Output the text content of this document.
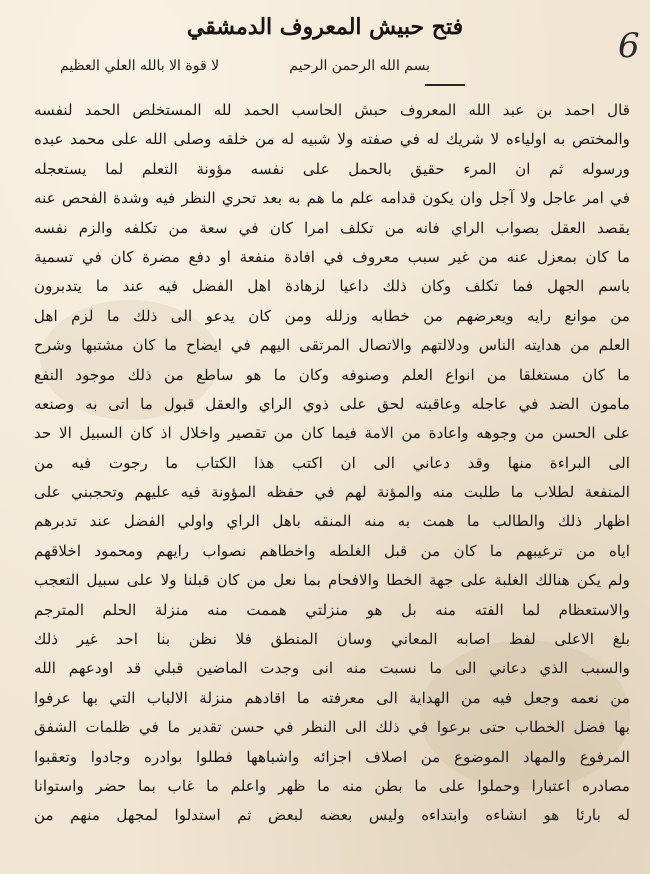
6
فتح حبيش المعروف الدمشقي
بسم الله الرحمن الرحيم
لا قوة الا بالله العلي العظيم
قال احمد بن عبد الله المعروف حبش الحاسب الحمد لله المستخلص الحمد لنفسه
والمختص به اولياءه لا شريك له في صفته ولا شبيه له من خلقه وصلى الله على محمد عبده
ورسوله ثم ان المرء حقيق بالحمل على نفسه مؤونة التعلم لما يستعجله
في امر عاجل ولا آجل وان يكون قدامه علم ما هم به بعد تحري النظر فيه وشدة الفحص عنه
بقصد العقل بصواب الراي فانه من تكلف امرا كان في سعة من تكلفه والزم نفسه
ما كان بمعزل عنه من غير سبب معروف في افادة منفعة او دفع مضرة كان في تسمية
باسم الجهل فما تكلف وكان ذلك داعيا لزهادة اهل الفضل فيه عند ما يتدبرون
من موانع رايه ويعرضهم من خطابه وزلله ومن كان يدعو الى ذلك ما لزم اهل
العلم من هدايته الناس ودلالتهم والاتصال المرتقى اليهم في ايضاح ما كان مشتبها وشرح
ما كان مستغلقا من انواع العلم وصنوفه وكان ما هو ساطع من ذلك موجود النفع
مامون الضد في عاجله وعاقبته لحق على ذوي الراي والعقل قبول ما اتى به وصنعه
على الحسن من وجوهه واعادة من الامة فيما كان من تقصير واخلال اذ كان السبيل الا حد
الى البراءة منها وقد دعاني الى ان اكتب هذا الكتاب ما رجوت فيه من
المنفعة لطلاب ما طلبت منه والمؤنة لهم في حفظه المؤونة فيه عليهم وتحجبني على
اظهار ذلك والطالب ما همت به منه المنقه باهل الراي واولي الفضل عند تدبرهم
اياه من ترغيبهم ما كان من قبل الغلطه واخطاهم نصواب رايهم ومحمود اخلاقهم
ولم يكن هنالك الغلبة على جهة الخطا والافحام بما نعل من كان قبلنا ولا على سبيل التعجب
والاستعظام لما الفته منه بل هو منزلتي هممت منه منزلة الحلم المترجم
بلغ الاعلى لفظ اصابه المعاني وسان المنطق فلا نظن بنا احد غير ذلك
والسبب الذي دعاني الى ما نسبت منه انى وجدت الماضين قبلي قد اودعهم الله
من نعمه وجعل فيه من الهداية الى معرفته ما اقادهم منزلة الالباب التي بها عرفوا
بها فضل الخطاب حتى برعوا في ذلك الى النظر في حسن تقدير ما في ظلمات الشفق
المرفوع والمهاد الموضوع من اصلاف اجزائه واشباهها فطلوا بوادره وجادوا وتعقبوا
مصادره اعتبارا وحملوا على ما بطن منه ما ظهر واعلم ما غاب بما حضر واستوانا
له بارئا هو انشاءه وابتداءه وليس بعضه لبعض ثم استدلوا لمجهل منهم من
